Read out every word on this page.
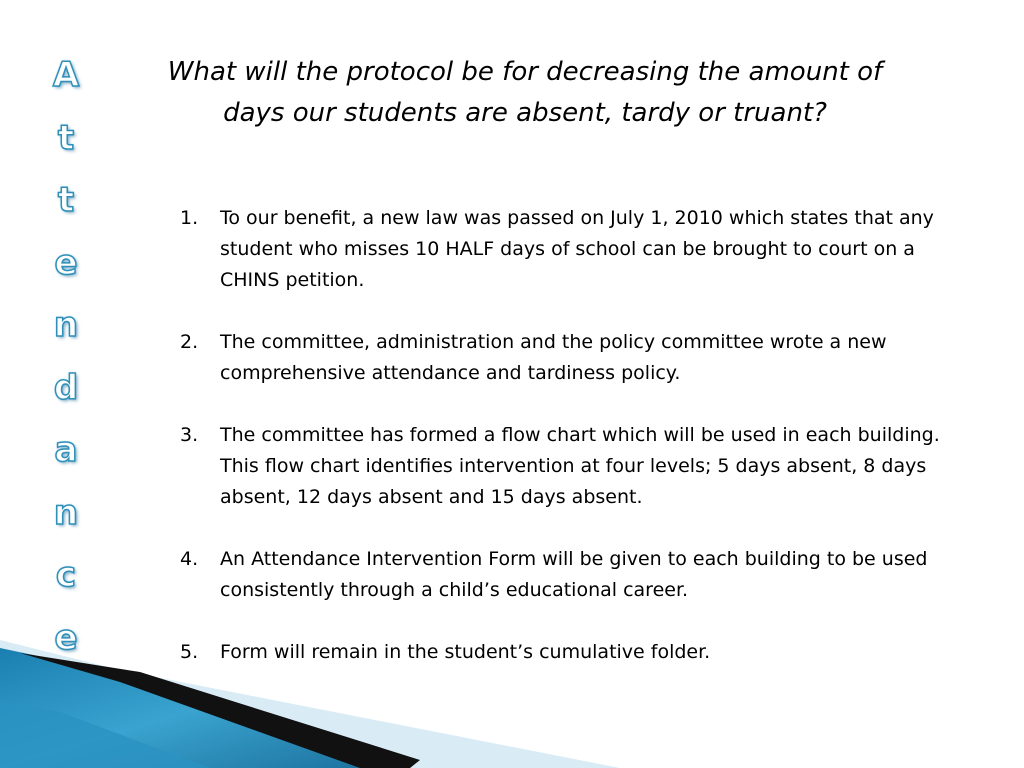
A
t
t
e
n
d
a
n
c
e

What will the protocol be for decreasing the amount of days our students are absent, tardy or truant?

1. To our benefit, a new law was passed on July 1, 2010 which states that any student who misses 10 HALF days of school can be brought to court on a CHINS petition.
2. The committee, administration and the policy committee wrote a new comprehensive attendance and tardiness policy.
3. The committee has formed a flow chart which will be used in each building. This flow chart identifies intervention at four levels; 5 days absent, 8 days absent, 12 days absent and 15 days absent.
4. An Attendance Intervention Form will be given to each building to be used consistently through a child’s educational career.
5. Form will remain in the student’s cumulative folder.
